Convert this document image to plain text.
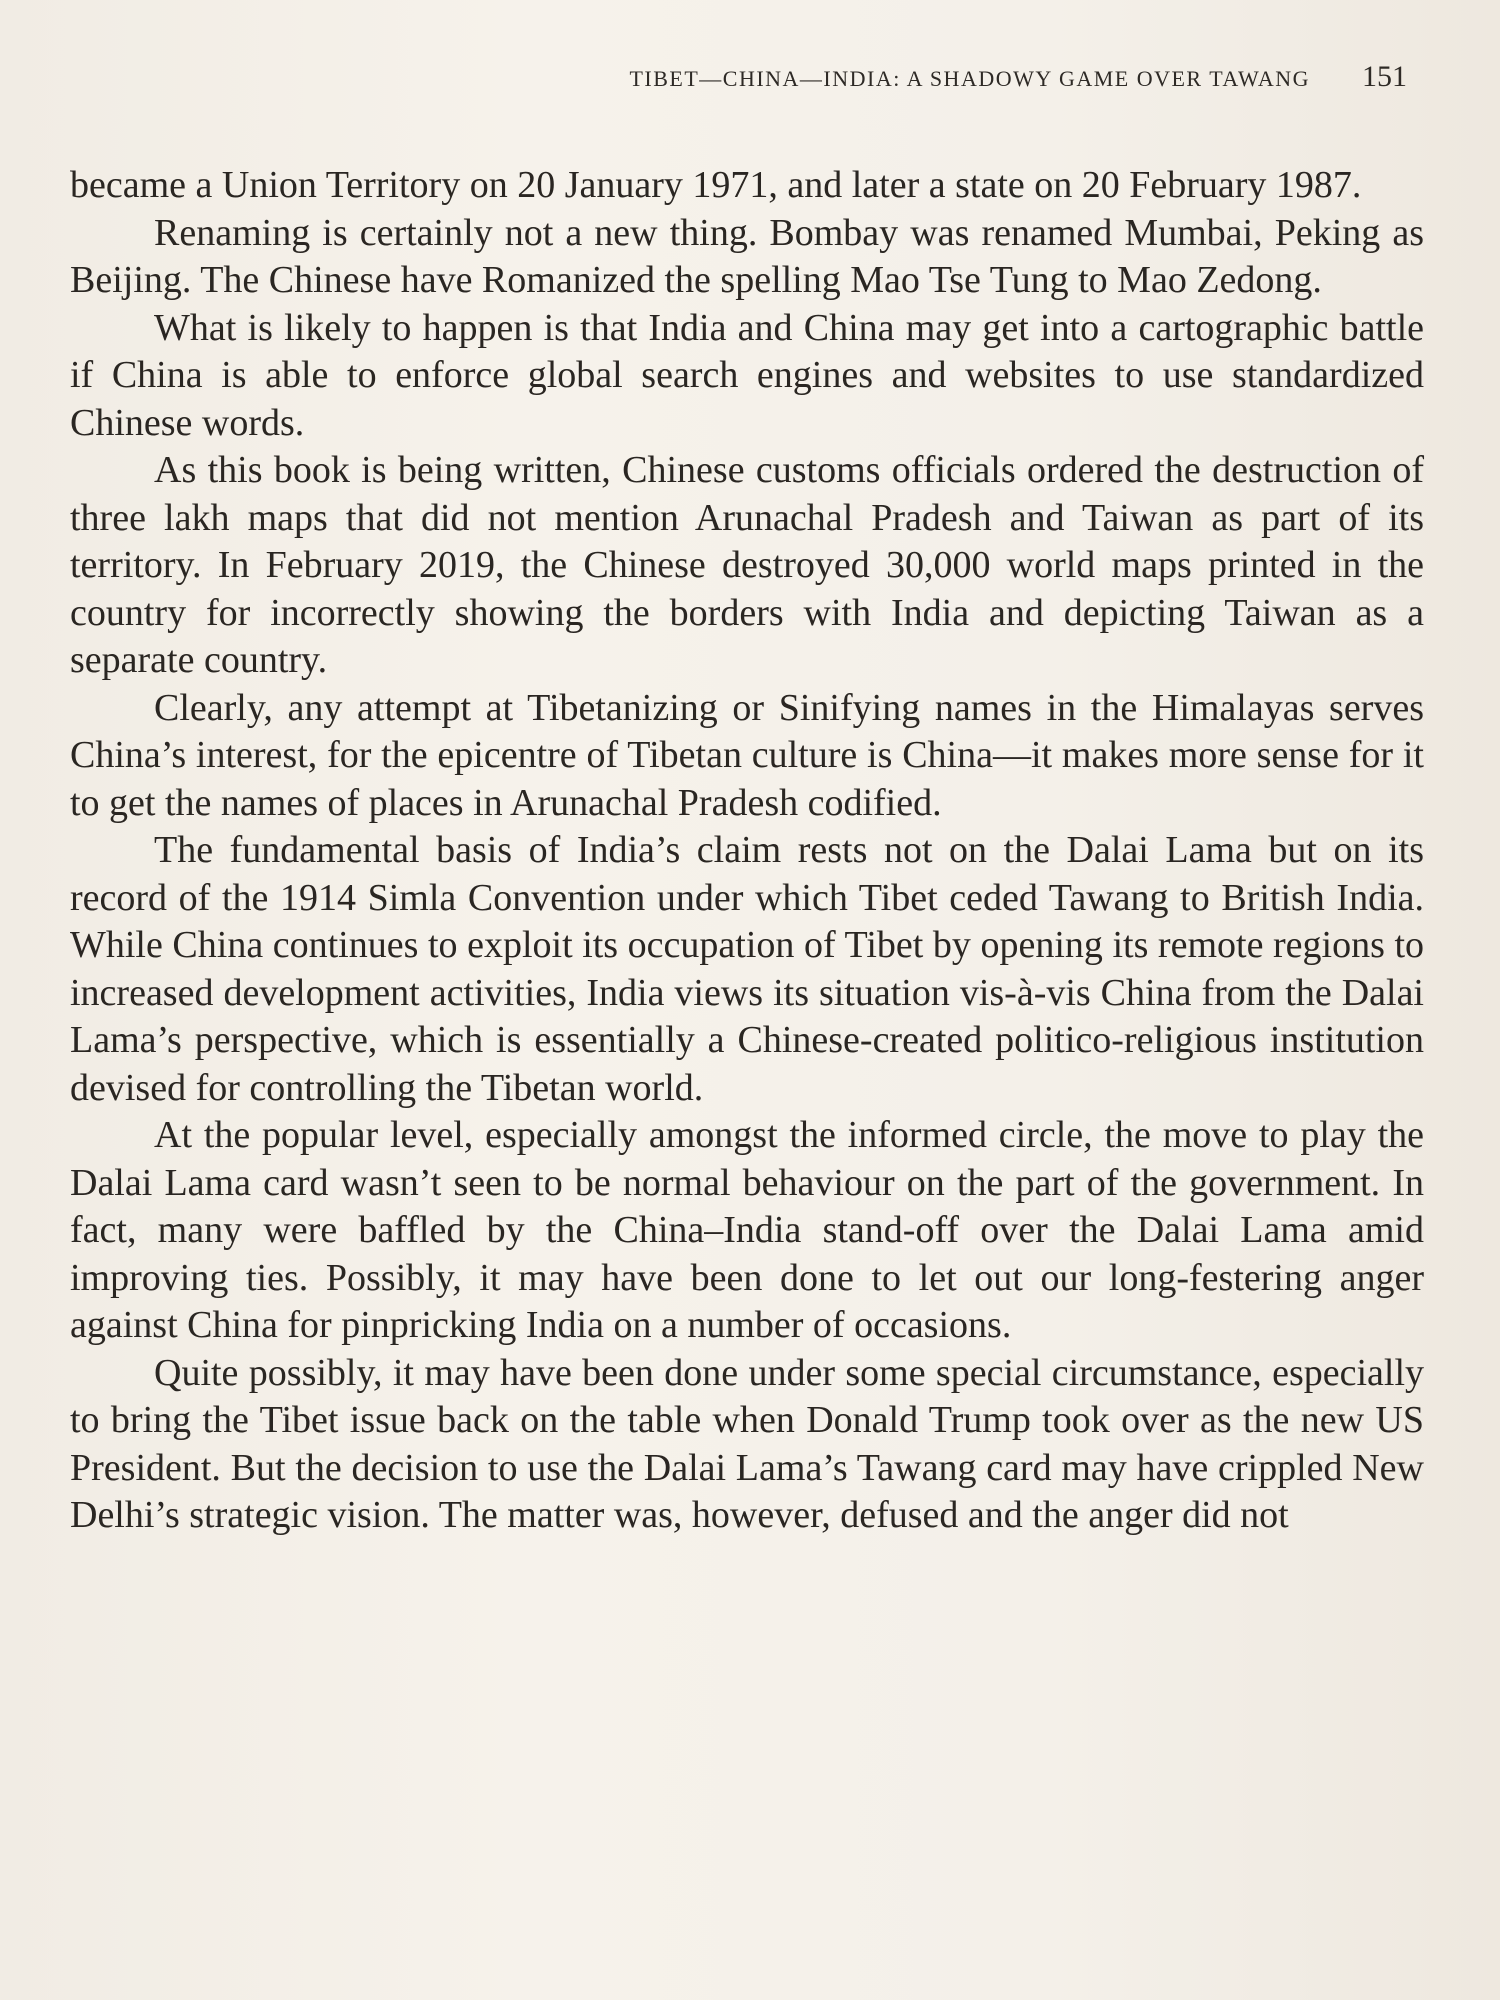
TIBET—CHINA—INDIA: A SHADOWY GAME OVER TAWANG 151

became a Union Territory on 20 January 1971, and later a state on 20 February 1987.

Renaming is certainly not a new thing. Bombay was renamed Mumbai, Peking as Beijing. The Chinese have Romanized the spelling Mao Tse Tung to Mao Zedong.

What is likely to happen is that India and China may get into a cartographic battle if China is able to enforce global search engines and websites to use standardized Chinese words.

As this book is being written, Chinese customs officials ordered the destruction of three lakh maps that did not mention Arunachal Pradesh and Taiwan as part of its territory. In February 2019, the Chinese destroyed 30,000 world maps printed in the country for incorrectly showing the borders with India and depicting Taiwan as a separate country.

Clearly, any attempt at Tibetanizing or Sinifying names in the Himalayas serves China’s interest, for the epicentre of Tibetan culture is China—it makes more sense for it to get the names of places in Arunachal Pradesh codified.

The fundamental basis of India’s claim rests not on the Dalai Lama but on its record of the 1914 Simla Convention under which Tibet ceded Tawang to British India. While China continues to exploit its occupation of Tibet by opening its remote regions to increased development activities, India views its situation vis-à-vis China from the Dalai Lama’s perspective, which is essentially a Chinese-created politico-religious institution devised for controlling the Tibetan world.

At the popular level, especially amongst the informed circle, the move to play the Dalai Lama card wasn’t seen to be normal behaviour on the part of the government. In fact, many were baffled by the China–India stand-off over the Dalai Lama amid improving ties. Possibly, it may have been done to let out our long-festering anger against China for pinpricking India on a number of occasions.

Quite possibly, it may have been done under some special circumstance, especially to bring the Tibet issue back on the table when Donald Trump took over as the new US President. But the decision to use the Dalai Lama’s Tawang card may have crippled New Delhi’s strategic vision. The matter was, however, defused and the anger did not
